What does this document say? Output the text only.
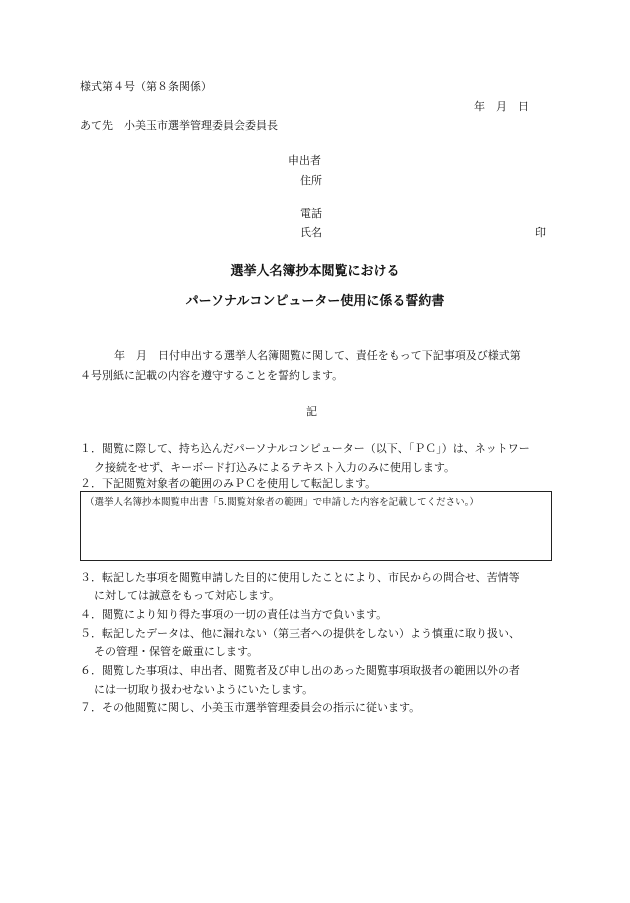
様式第４号（第８条関係）
年　月　日
あて先　小美玉市選挙管理委員会委員長
申出者
住所
電話
氏名	印
選挙人名簿抄本閲覧における
パーソナルコンピューター使用に係る誓約書
年　月　日付申出する選挙人名簿閲覧に関して、責任をもって下記事項及び様式第
４号別紙に記載の内容を遵守することを誓約します。
記
１．閲覧に際して、持ち込んだパーソナルコンピューター（以下、「ＰＣ」）は、ネットワー
ク接続をせず、キーボード打込みによるテキスト入力のみに使用します。
２．下記閲覧対象者の範囲のみＰＣを使用して転記します。
（選挙人名簿抄本閲覧申出書「5.閲覧対象者の範囲」で申請した内容を記載してください。）
３．転記した事項を閲覧申請した目的に使用したことにより、市民からの問合せ、苦情等
に対しては誠意をもって対応します。
４．閲覧により知り得た事項の一切の責任は当方で負います。
５．転記したデータは、他に漏れない（第三者への提供をしない）よう慎重に取り扱い、
その管理・保管を厳重にします。
６．閲覧した事項は、申出者、閲覧者及び申し出のあった閲覧事項取扱者の範囲以外の者
には一切取り扱わせないようにいたします。
７．その他閲覧に関し、小美玉市選挙管理委員会の指示に従います。
